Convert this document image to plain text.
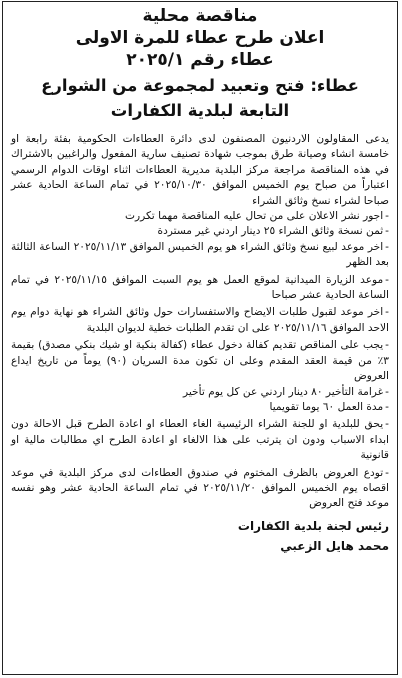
مناقصة محلية
اعلان طرح عطاء للمرة الاولى
عطاء رقم ٢٠٢٥/١
عطاء: فتح وتعبيد لمجموعة من الشوارع
التابعة لبلدية الكفارات
يدعى المقاولون الاردنيون المصنفون لدى دائرة العطاءات الحكومية بفئة رابعة او خامسة انشاء وصيانة طرق بموجب شهادة تصنيف سارية المفعول والراغبين بالاشتراك في هذه المناقصة مراجعة مركز البلدية مديرية العطاءات اثناء اوقات الدوام الرسمي اعتباراً من صباح يوم الخميس الموافق ٢٠٢٥/١٠/٣٠ في تمام الساعة الحادية عشر صباحا لشراء نسخ وثائق الشراء
-اجور نشر الاعلان على من تحال عليه المناقصة مهما تكررت
-ثمن نسخة وثائق الشراء ٢٥ دينار اردني غير مستردة
-اخر موعد لبيع نسخ وثائق الشراء هو يوم الخميس الموافق ٢٠٢٥/١١/١٣ الساعة الثالثة بعد الظهر
-موعد الزيارة الميدانية لموقع العمل هو يوم السبت الموافق ٢٠٢٥/١١/١٥ في تمام الساعة الحادية عشر صباحا
-اخر موعد لقبول طلبات الايضاح والاستفسارات حول وثائق الشراء هو نهاية دوام يوم الاحد الموافق ٢٠٢٥/١١/١٦ على ان تقدم الطلبات خطية لديوان البلدية
-يجب على المناقص تقديم كفالة دخول عطاء (كفالة بنكية او شيك بنكي مصدق) بقيمة ٣٪ من قيمة العقد المقدم وعلى ان تكون مدة السريان (٩٠) يوماً من تاريخ ايداع العروض
-غرامة التأخير ٨٠ دينار اردني عن كل يوم تأخير
-مدة العمل ٦٠ يوما تقويميا
-يحق للبلدية او للجنة الشراء الرئيسية الغاء العطاء او اعادة الطرح قبل الاحالة دون ابداء الاسباب ودون ان يترتب على هذا الالغاء او اعادة الطرح اي مطالبات مالية او قانونية
-تودع العروض بالظرف المختوم في صندوق العطاءات لدى مركز البلدية في موعد اقصاه يوم الخميس الموافق ٢٠٢٥/١١/٢٠ في تمام الساعة الحادية عشر وهو نفسه موعد فتح العروض
رئيس لجنة بلدية الكفارات
محمد هايل الزعبي
